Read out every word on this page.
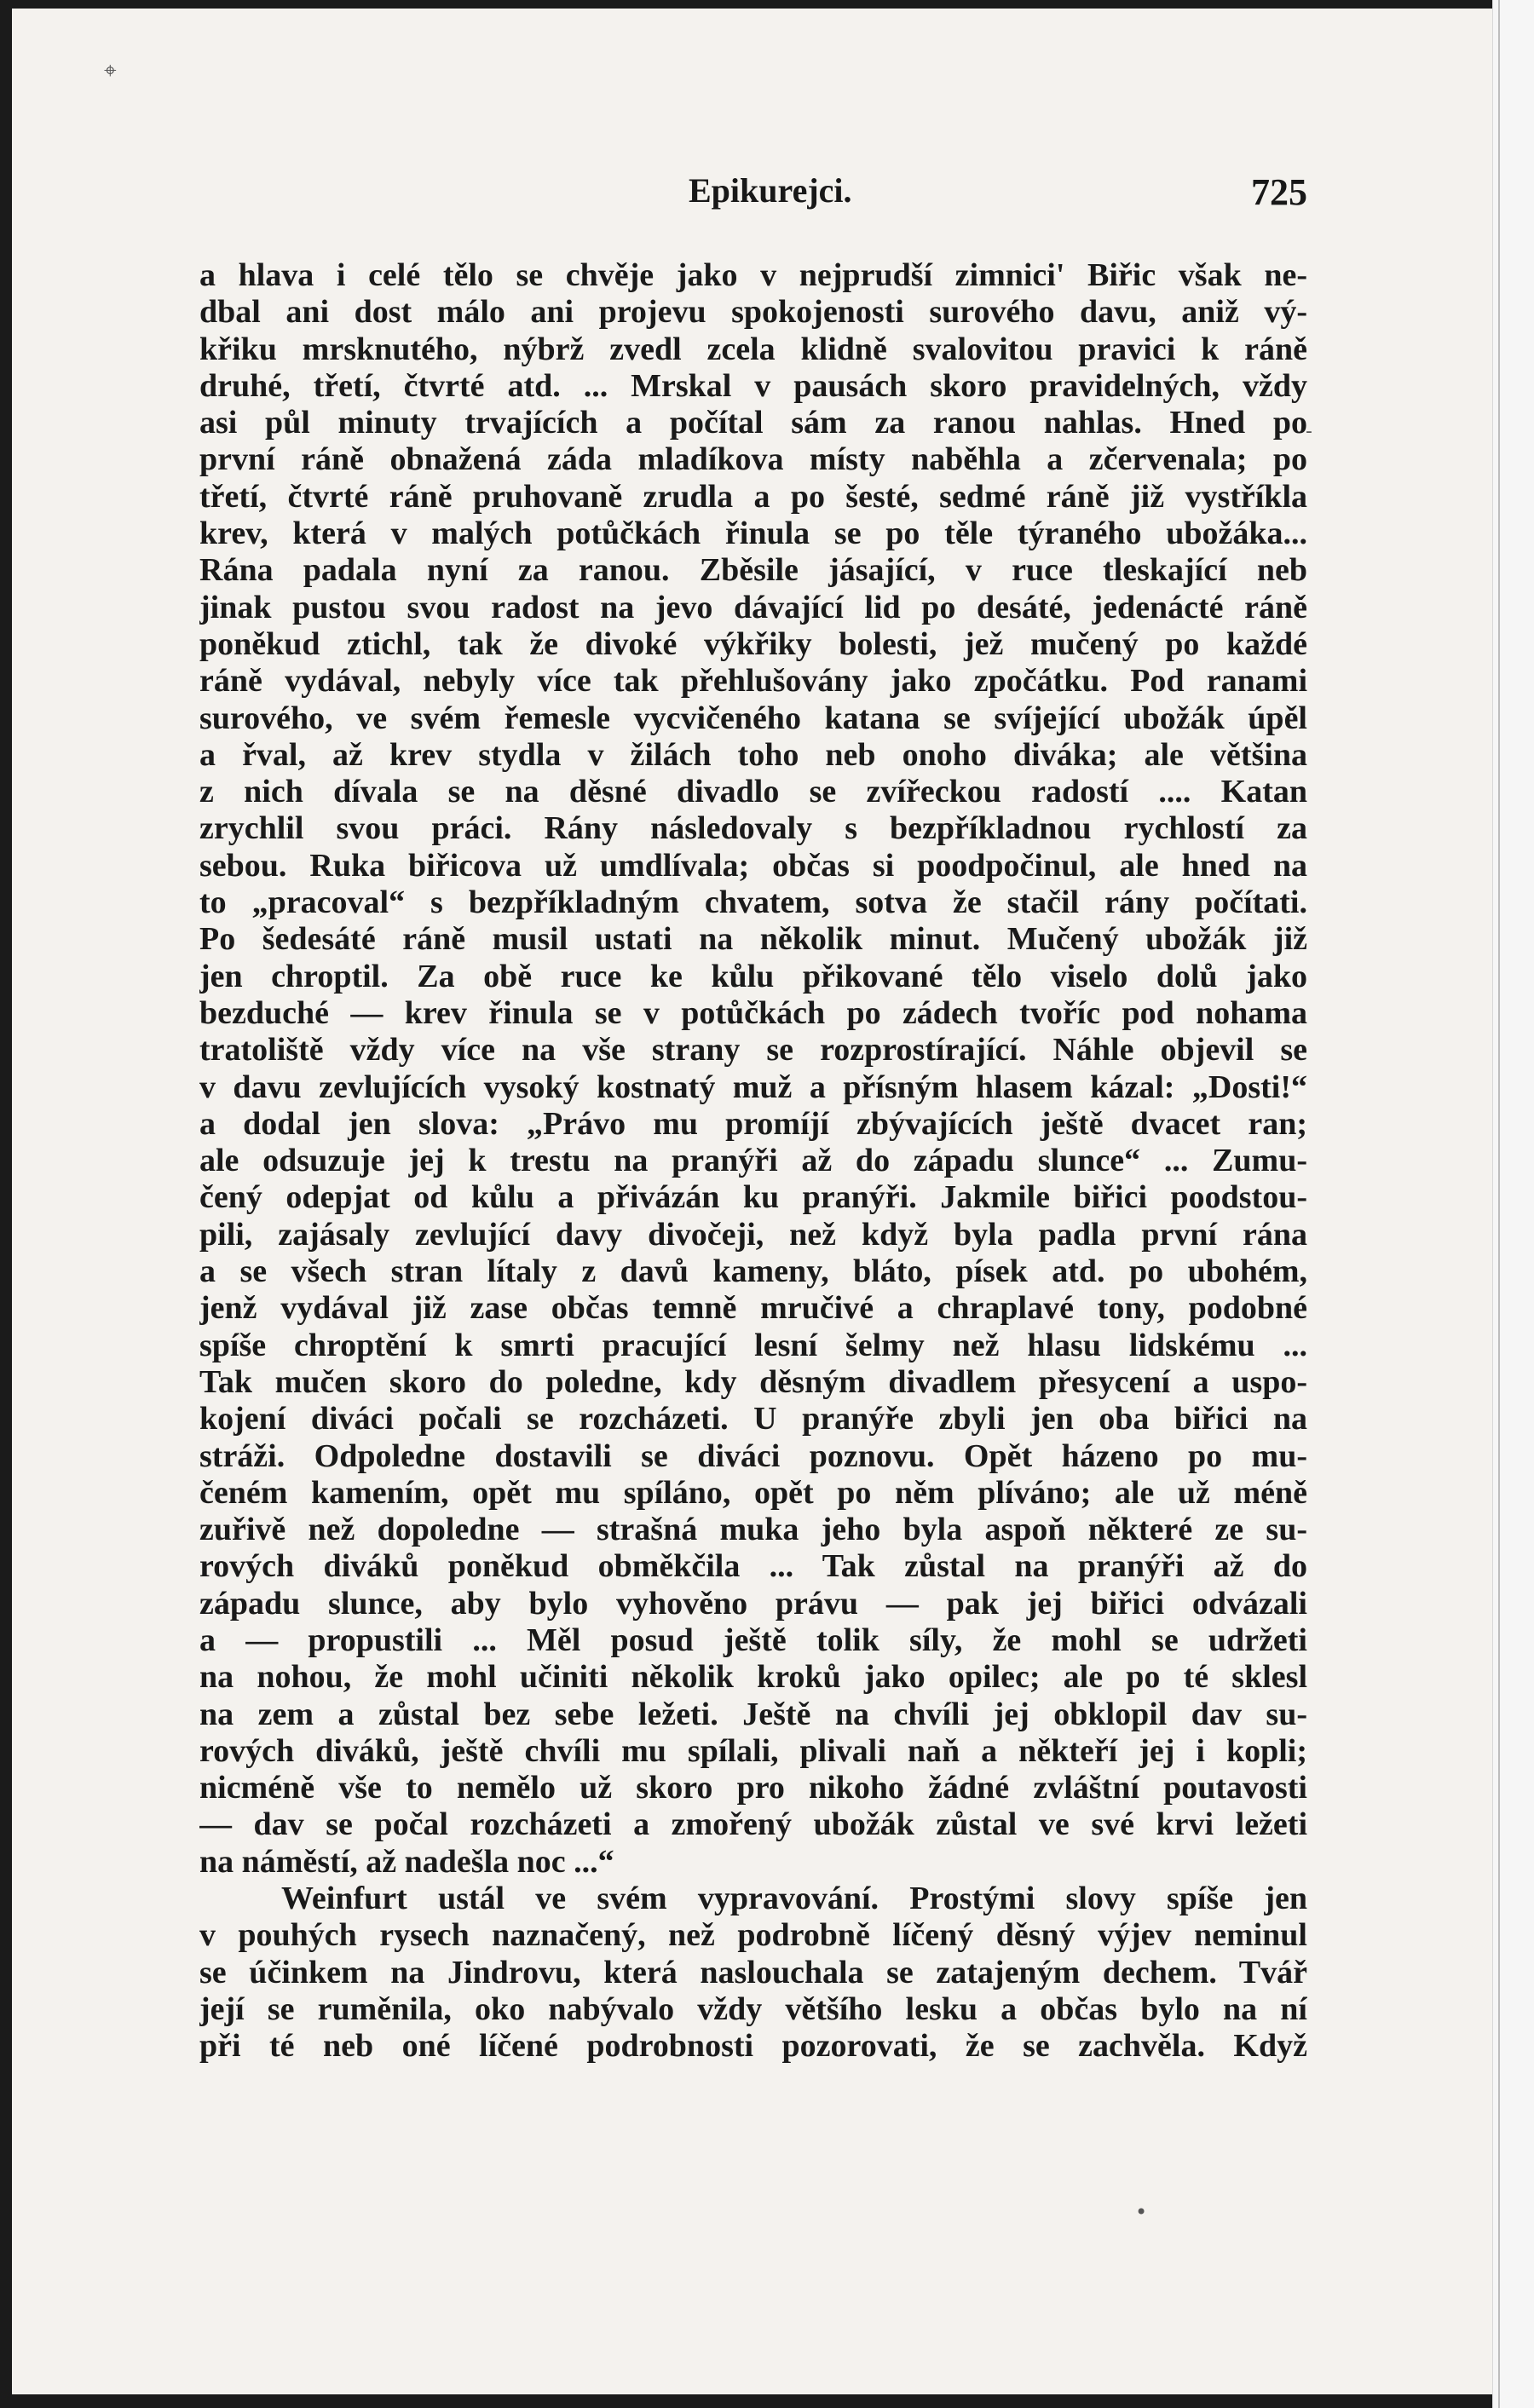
⌖
-
•
Epikurejci.	725
a hlava i celé tělo se chvěje jako v nejprudší zimnici' Biřic však ne-
dbal ani dost málo ani projevu spokojenosti surového davu, aniž vý-
křiku mrsknutého, nýbrž zvedl zcela klidně svalovitou pravici k ráně
druhé, třetí, čtvrté atd. ... Mrskal v pausách skoro pravidelných, vždy
asi půl minuty trvajících a počítal sám za ranou nahlas. Hned po
první ráně obnažená záda mladíkova místy naběhla a zčervenala; po
třetí, čtvrté ráně pruhovaně zrudla a po šesté, sedmé ráně již vystříkla
krev, která v malých potůčkách řinula se po těle týraného ubožáka...
Rána padala nyní za ranou. Zběsile jásající, v ruce tleskající neb
jinak pustou svou radost na jevo dávající lid po desáté, jedenácté ráně
poněkud ztichl, tak že divoké výkřiky bolesti, jež mučený po každé
ráně vydával, nebyly více tak přehlušovány jako zpočátku. Pod ranami
surového, ve svém řemesle vycvičeného katana se svíjející ubožák úpěl
a řval, až krev stydla v žilách toho neb onoho diváka; ale většina
z nich dívala se na děsné divadlo se zvířeckou radostí .... Katan
zrychlil svou práci. Rány následovaly s bezpříkladnou rychlostí za
sebou. Ruka biřicova už umdlívala; občas si poodpočinul, ale hned na
to „pracoval“ s bezpříkladným chvatem, sotva že stačil rány počítati.
Po šedesáté ráně musil ustati na několik minut. Mučený ubožák již
jen chroptil. Za obě ruce ke kůlu přikované tělo viselo dolů jako
bezduché — krev řinula se v potůčkách po zádech tvoříc pod nohama
tratoliště vždy více na vše strany se rozprostírající. Náhle objevil se
v davu zevlujících vysoký kostnatý muž a přísným hlasem kázal: „Dosti!“
a dodal jen slova: „Právo mu promíjí zbývajících ještě dvacet ran;
ale odsuzuje jej k trestu na pranýři až do západu slunce“ ... Zumu-
čený odepjat od kůlu a přivázán ku pranýři. Jakmile biřici poodstou-
pili, zajásaly zevlující davy divočeji, než když byla padla první rána
a se všech stran lítaly z davů kameny, bláto, písek atd. po ubohém,
jenž vydával již zase občas temně mručivé a chraplavé tony, podobné
spíše chroptění k smrti pracující lesní šelmy než hlasu lidskému ...
Tak mučen skoro do poledne, kdy děsným divadlem přesycení a uspo-
kojení diváci počali se rozcházeti. U pranýře zbyli jen oba biřici na
stráži. Odpoledne dostavili se diváci poznovu. Opět házeno po mu-
čeném kamením, opět mu spíláno, opět po něm plíváno; ale už méně
zuřivě než dopoledne — strašná muka jeho byla aspoň některé ze su-
rových diváků poněkud obměkčila ... Tak zůstal na pranýři až do
západu slunce, aby bylo vyhověno právu — pak jej biřici odvázali
a — propustili ... Měl posud ještě tolik síly, že mohl se udržeti
na nohou, že mohl učiniti několik kroků jako opilec; ale po té sklesl
na zem a zůstal bez sebe ležeti. Ještě na chvíli jej obklopil dav su-
rových diváků, ještě chvíli mu spílali, plivali naň a někteří jej i kopli;
nicméně vše to nemělo už skoro pro nikoho žádné zvláštní poutavosti
— dav se počal rozcházeti a zmořený ubožák zůstal ve své krvi ležeti
na náměstí, až nadešla noc ...“
Weinfurt ustál ve svém vypravování. Prostými slovy spíše jen
v pouhých rysech naznačený, než podrobně líčený děsný výjev neminul
se účinkem na Jindrovu, která naslouchala se zatajeným dechem. Tvář
její se ruměnila, oko nabývalo vždy většího lesku a občas bylo na ní
při té neb oné líčené podrobnosti pozorovati, že se zachvěla. Když
